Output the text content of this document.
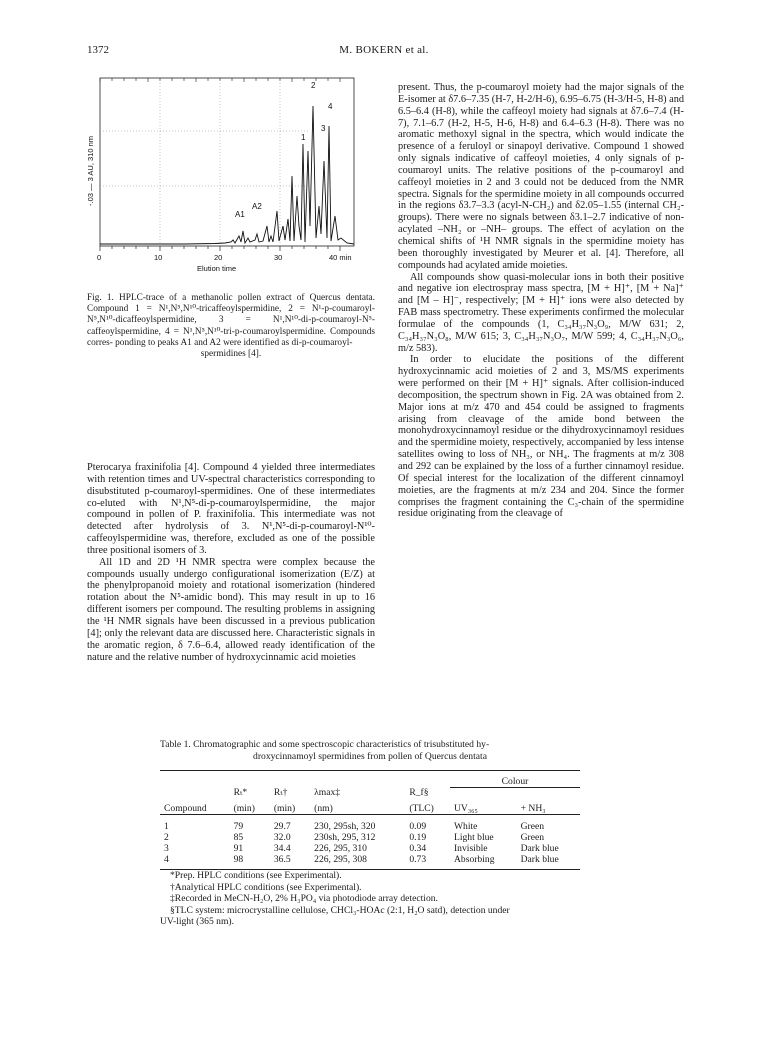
1372	M. BOKERN et al.
1
2
3
4
A1
A2
-.03 — 3 AU, 310 nm
0	10	20	30	40 min
Elution time
Fig. 1. HPLC-trace of a methanolic pollen extract of Quercus dentata. Compound 1 = N¹,N⁵,N¹⁰-tricaffeoylspermidine, 2 = N¹-p-coumaroyl-N⁵,N¹⁰-dicaffeoylspermidine, 3 = N¹,N¹⁰-di-p-coumaroyl-N⁵-caffeoylspermidine, 4 = N¹,N⁵,N¹⁰-tri-p-coumaroylspermidine. Compounds corres- ponding to peaks A1 and A2 were identified as di-p-coumaroyl-
spermidines [4].

Pterocarya fraxinifolia [4]. Compound 4 yielded three intermediates with retention times and UV-spectral characteristics corresponding to disubstituted p-coumaroyl-spermidines. One of these intermediates co-eluted with N¹,N⁵-di-p-coumaroylspermidine, the major compound in pollen of P. fraxinifolia. This intermediate was not detected after hydrolysis of 3. N¹,N⁵-di-p-coumaroyl-N¹⁰-caffeoylspermidine was, therefore, excluded as one of the possible three positional isomers of 3.

All 1D and 2D ¹H NMR spectra were complex because the compounds usually undergo configurational isomerization (E/Z) at the phenylpropanoid moiety and rotational isomerization (hindered rotation about the N⁵-amidic bond). This may result in up to 16 different isomers per compound. The resulting problems in assigning the ¹H NMR signals have been discussed in a previous publication [4]; only the relevant data are discussed here. Characteristic signals in the aromatic region, δ 7.6–6.4, allowed ready identification of the nature and the relative number of hydroxycinnamic acid moieties

present. Thus, the p-coumaroyl moiety had the major signals of the E-isomer at δ7.6–7.35 (H-7, H-2/H-6), 6.95–6.75 (H-3/H-5, H-8) and 6.5–6.4 (H-8), while the caffeoyl moiety had signals at δ7.6–7.4 (H-7), 7.1–6.7 (H-2, H-5, H-6, H-8) and 6.4–6.3 (H-8). There was no aromatic methoxyl signal in the spectra, which would indicate the presence of a feruloyl or sinapoyl derivative. Compound 1 showed only signals indicative of caffeoyl moieties, 4 only signals of p-coumaroyl units. The relative positions of the p-coumaroyl and caffeoyl moieties in 2 and 3 could not be deduced from the NMR spectra. Signals for the spermidine moiety in all compounds occurred in the regions δ3.7–3.3 (acyl-N-CH₂) and δ2.05–1.55 (internal CH₂-groups). There were no signals between δ3.1–2.7 indicative of non-acylated –NH₂ or –NH– groups. The effect of acylation on the chemical shifts of ¹H NMR signals in the spermidine moiety has been thoroughly investigated by Meurer et al. [4]. Therefore, all compounds had acylated amide moieties.

All compounds show quasi-molecular ions in both their positive and negative ion electrospray mass spectra, [M + H]⁺, [M + Na]⁺ and [M – H]⁻, respectively; [M + H]⁺ ions were also detected by FAB mass spectrometry. These experiments confirmed the molecular formulae of the compounds (1, C₃₄H₃₇N₃O₉, M/W 631; 2, C₃₄H₃₇N₃O₈, M/W 615; 3, C₃₄H₃₇N₃O₇, M/W 599; 4, C₃₄H₃₇N₃O₆, m/z 583).

In order to elucidate the positions of the different hydroxycinnamic acid moieties of 2 and 3, MS/MS experiments were performed on their [M + H]⁺ signals. After collision-induced decomposition, the spectrum shown in Fig. 2A was obtained from 2. Major ions at m/z 470 and 454 could be assigned to fragments arising from cleavage of the amide bond between the monohydroxycinnamoyl residue or the dihydroxycinnamoyl residues and the spermidine moiety, respectively, accompanied by less intense satellites owing to loss of NH₃, or NH₄. The fragments at m/z 308 and 292 can be explained by the loss of a further cinnamoyl residue. Of special interest for the localization of the different cinnamoyl moieties, are the fragments at m/z 234 and 204. Since the former comprises the fragment containing the C₃-chain of the spermidine residue originating from the cleavage of

Table 1. Chromatographic and some spectroscopic characteristics of trisubstituted hy-
droxycinnamoyl spermidines from pollen of Quercus dentata
					Colour	
	Rₜ*	Rₜ†	λmax‡	R_f§		
Compound	(min)	(min)	(nm)	(TLC)	UV₃₆₅	+ NH₃

1	79	29.7	230, 295sh, 320	0.09	White	Green
2	85	32.0	230sh, 295, 312	0.19	Light blue	Green
3	91	34.4	226, 295, 310	0.34	Invisible	Dark blue
4	98	36.5	226, 295, 308	0.73	Absorbing	Dark blue

*Prep. HPLC conditions (see Experimental).

†Analytical HPLC conditions (see Experimental).

‡Recorded in MeCN-H₂O, 2% H₃PO₄ via photodiode array detection.

§TLC system: microcrystalline cellulose, CHCl₃-HOAc (2:1, H₂O satd), detection under

UV-light (365 nm).
